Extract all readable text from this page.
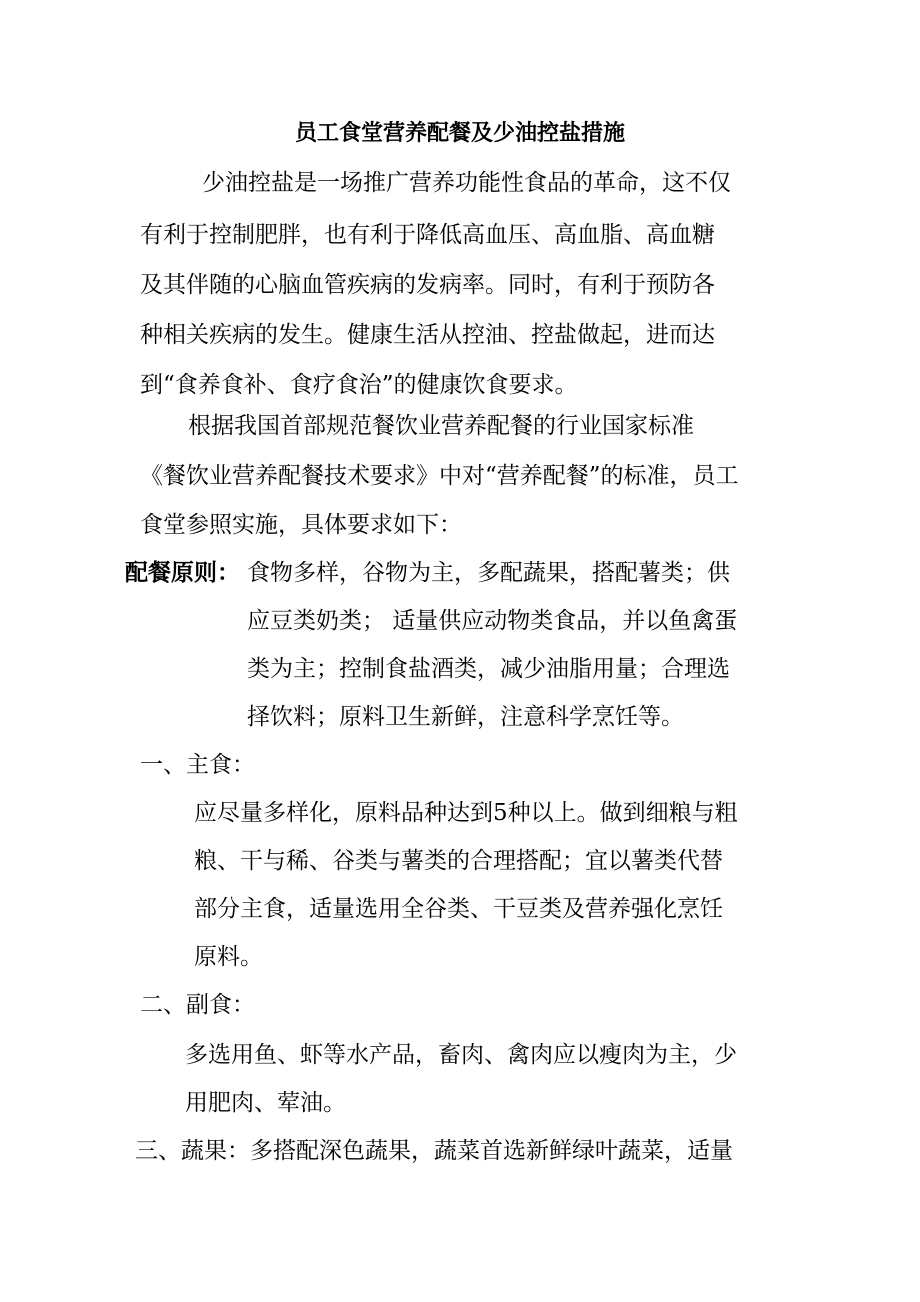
员工食堂营养配餐及少油控盐措施
少油控盐是一场推广营养功能性食品的革命，这不仅
有利于控制肥胖，也有利于降低高血压、高血脂、高血糖
及其伴随的心脑血管疾病的发病率。同时，有利于预防各
种相关疾病的发生。健康生活从控油、控盐做起，进而达
到“食养食补、食疗食治”的健康饮食要求。
根据我国首部规范餐饮业营养配餐的行业国家标准
《餐饮业营养配餐技术要求》中对“营养配餐”的标准，员工
食堂参照实施，具体要求如下：
配餐原则： 食物多样，谷物为主，多配蔬果，搭配薯类；供
应豆类奶类； 适量供应动物类食品，并以鱼禽蛋
类为主；控制食盐酒类，减少油脂用量；合理选
择饮料；原料卫生新鲜，注意科学烹饪等。
一、主食：
应尽量多样化，原料品种达到5种以上。做到细粮与粗
粮、干与稀、谷类与薯类的合理搭配；宜以薯类代替
部分主食，适量选用全谷类、干豆类及营养强化烹饪
原料。
二、副食：
多选用鱼、虾等水产品，畜肉、禽肉应以瘦肉为主，少
用肥肉、荤油。
三、蔬果：多搭配深色蔬果，蔬菜首选新鲜绿叶蔬菜，适量
